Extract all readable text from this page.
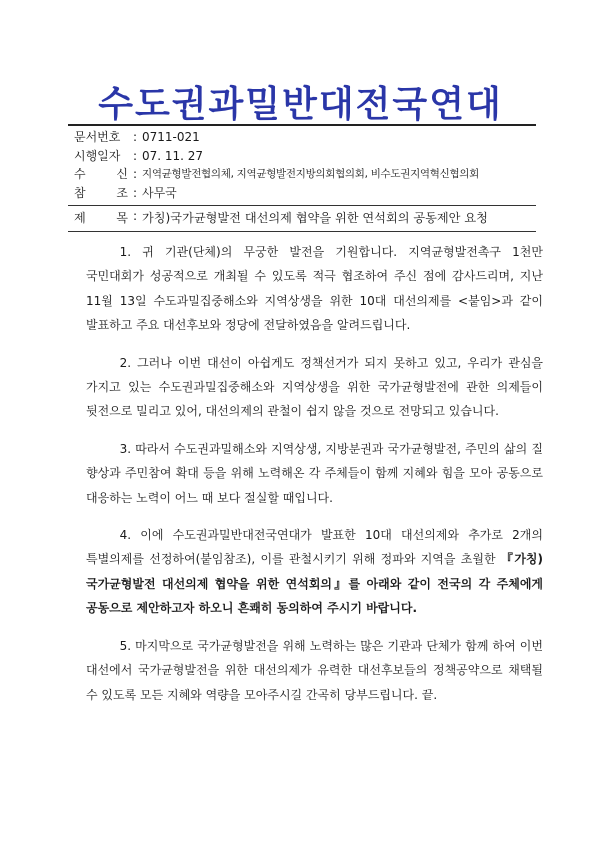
수도권과밀반대전국연대
문서번호	: 0711-021
시행일자	: 07. 11. 27
수 신 : 지역균형발전협의체, 지역균형발전지방의회협의회, 비수도권지역혁신협의회
참 조 : 사무국
제 목 : 가칭)국가균형발전 대선의제 협약을 위한 연석회의 공동제안 요청

1. 귀 기관(단체)의 무궁한 발전을 기원합니다. 지역균형발전촉구 1천만 국민대회가 성공적으로 개최될 수 있도록 적극 협조하여 주신 점에 감사드리며, 지난 11월 13일 수도과밀집중해소와 지역상생을 위한 10대 대선의제를 <붙임>과 같이 발표하고 주요 대선후보와 정당에 전달하였음을 알려드립니다.

2. 그러나 이번 대선이 아쉽게도 정책선거가 되지 못하고 있고, 우리가 관심을 가지고 있는 수도권과밀집중해소와 지역상생을 위한 국가균형발전에 관한 의제들이 뒷전으로 밀리고 있어, 대선의제의 관철이 쉽지 않을 것으로 전망되고 있습니다.

3. 따라서 수도권과밀해소와 지역상생, 지방분권과 국가균형발전, 주민의 삶의 질 향상과 주민참여 확대 등을 위해 노력해온 각 주체들이 함께 지혜와 힘을 모아 공동으로 대응하는 노력이 어느 때 보다 절실할 때입니다.

4. 이에 수도권과밀반대전국연대가 발표한 10대 대선의제와 추가로 2개의 특별의제를 선정하여(붙임참조), 이를 관철시키기 위해 정파와 지역을 초월한 『가칭)국가균형발전 대선의제 협약을 위한 연석회의』를 아래와 같이 전국의 각 주체에게 공동으로 제안하고자 하오니 흔쾌히 동의하여 주시기 바랍니다.

5. 마지막으로 국가균형발전을 위해 노력하는 많은 기관과 단체가 함께 하여 이번 대선에서 국가균형발전을 위한 대선의제가 유력한 대선후보들의 정책공약으로 채택될 수 있도록 모든 지혜와 역량을 모아주시길 간곡히 당부드립니다. 끝.
